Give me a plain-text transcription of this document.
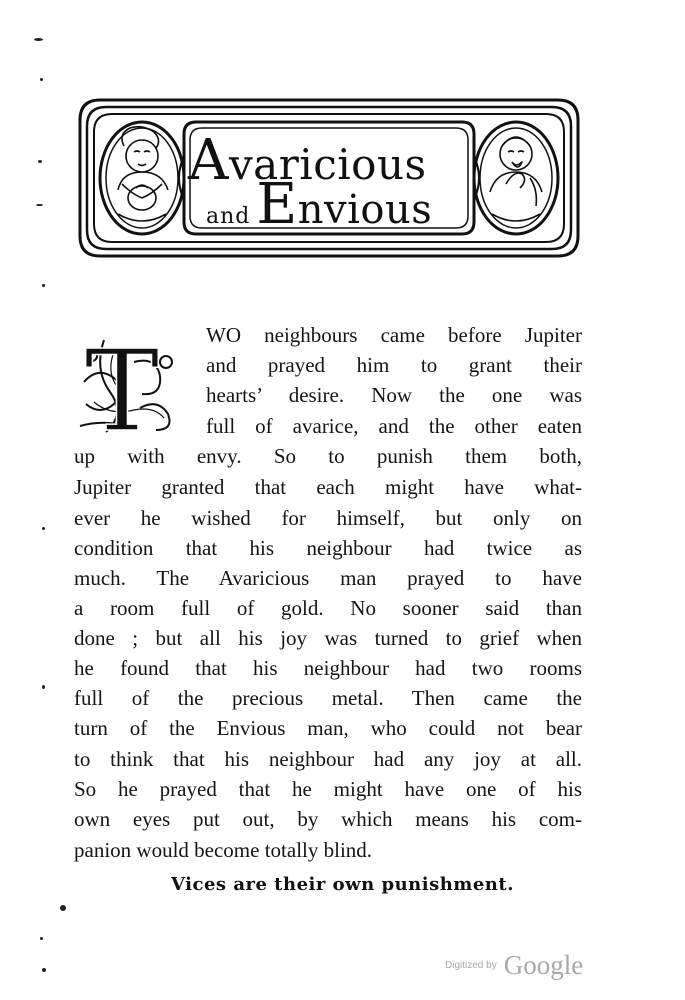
Avaricious
and Envious
T WO neighbours came before Jupiter
and prayed him to grant their
hearts’ desire. Now the one was
full of avarice, and the other eaten
up with envy. So to punish them both,
Jupiter granted that each might have what-
ever he wished for himself, but only on
condition that his neighbour had twice as
much. The Avaricious man prayed to have
a room full of gold. No sooner said than
done ; but all his joy was turned to grief when
he found that his neighbour had two rooms
full of the precious metal. Then came the
turn of the Envious man, who could not bear
to think that his neighbour had any joy at all.
So he prayed that he might have one of his
own eyes put out, by which means his com-
panion would become totally blind.
Vices are their own punishment.
Digitized by Google
